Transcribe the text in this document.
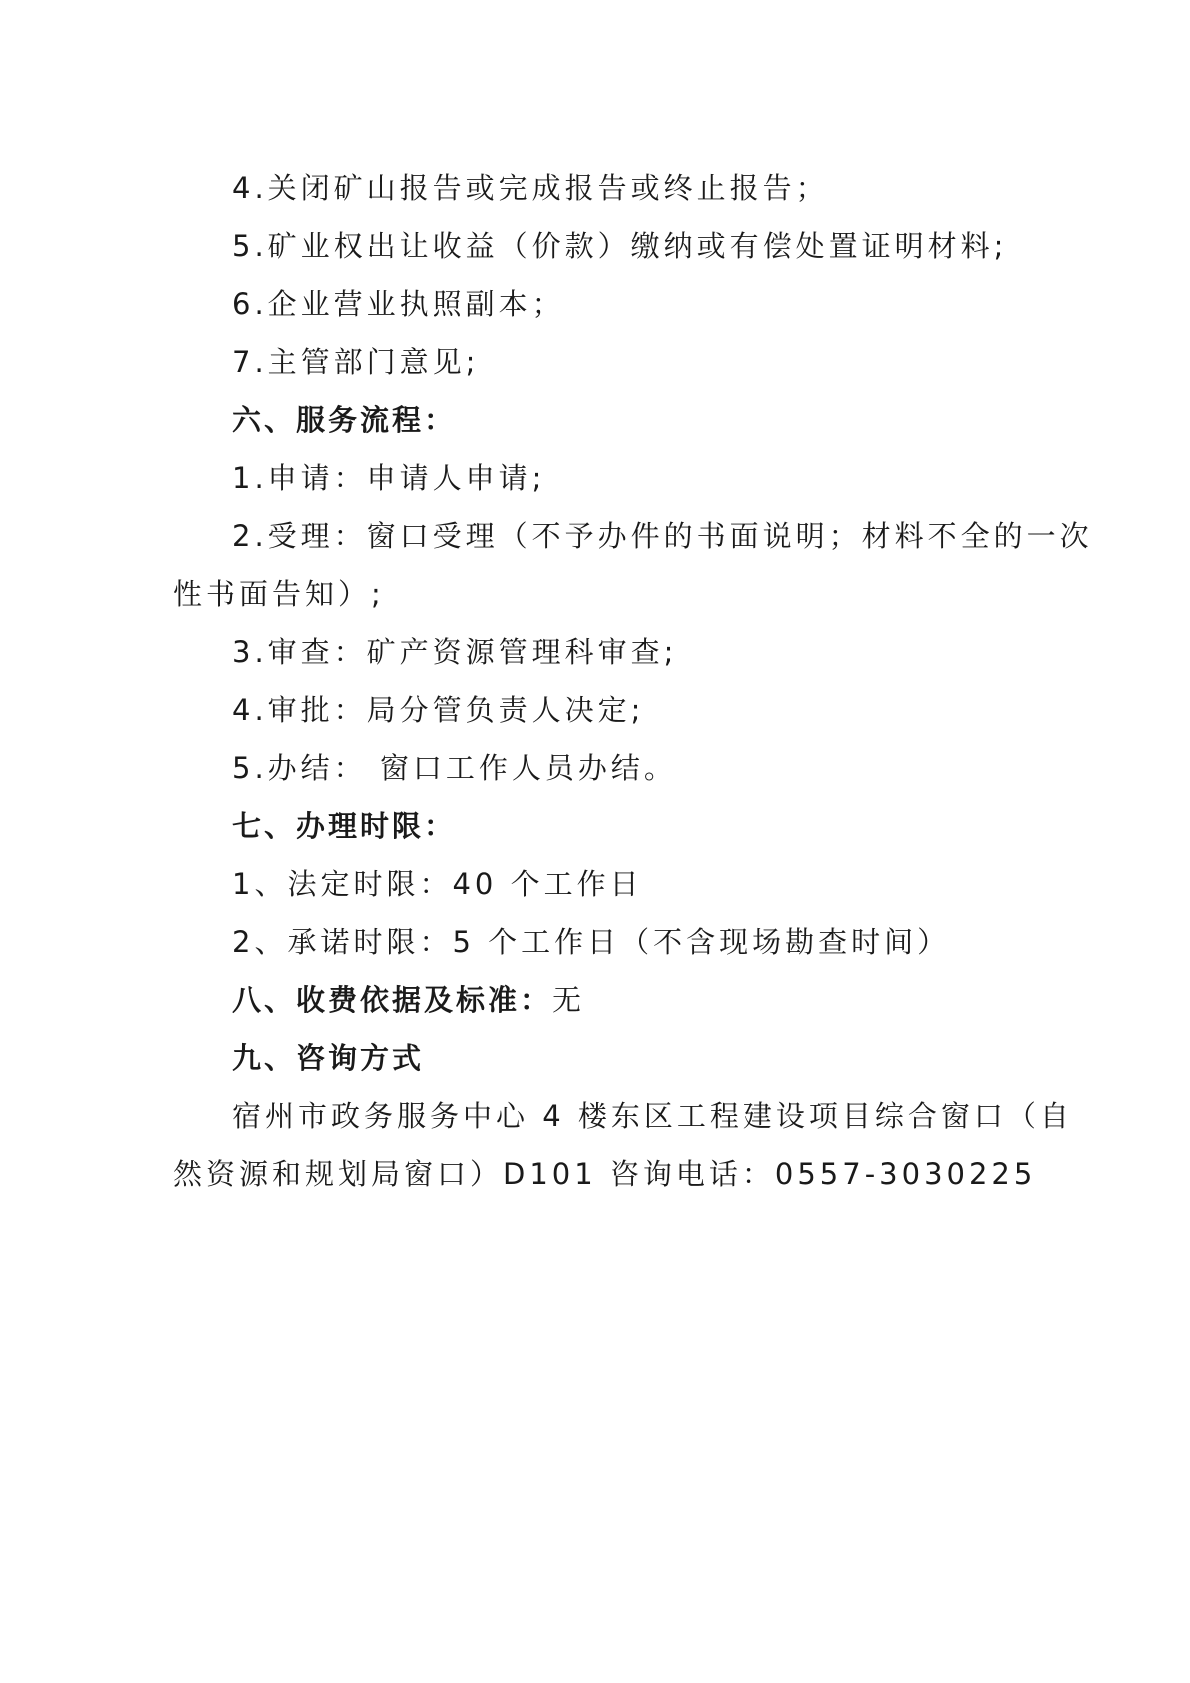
4.关闭矿山报告或完成报告或终止报告；
5.矿业权出让收益（价款）缴纳或有偿处置证明材料;
6.企业营业执照副本；
7.主管部门意见;
六、服务流程：
1.申请：申请人申请;
2.受理：窗口受理（不予办件的书面说明；材料不全的一次
性书面告知）;
3.审查：矿产资源管理科审查;
4.审批：局分管负责人决定;
5.办结： 窗口工作人员办结。
七、办理时限：
1、法定时限：40 个工作日
2、承诺时限：5 个工作日（不含现场勘查时间）
八、收费依据及标准：无
九、咨询方式
宿州市政务服务中心 4 楼东区工程建设项目综合窗口（自
然资源和规划局窗口）D101 咨询电话：0557-3030225
